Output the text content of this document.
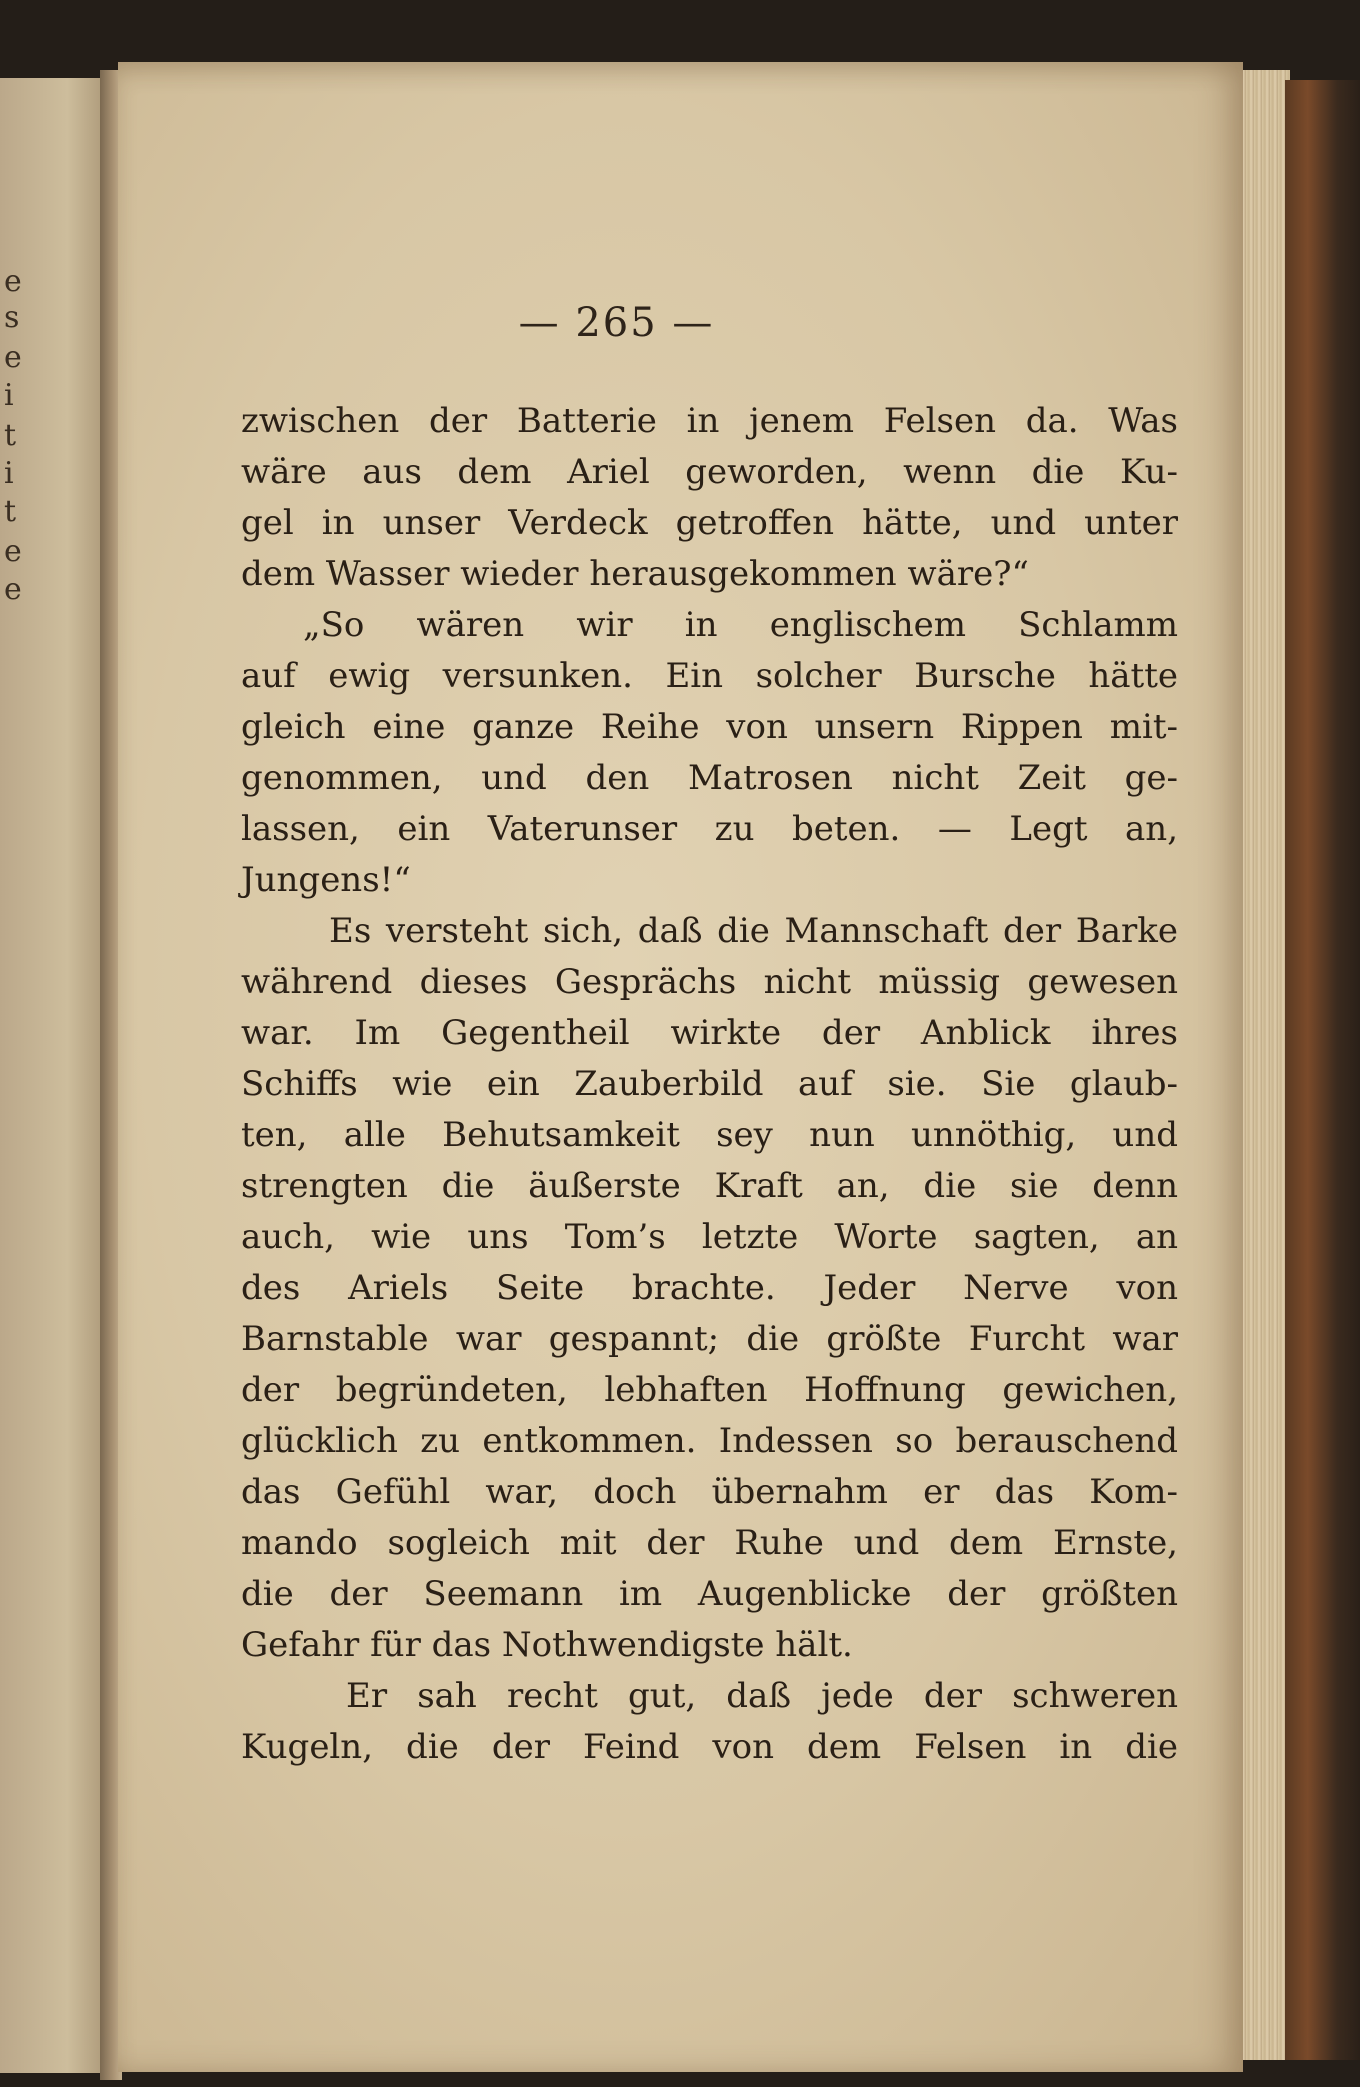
e
s
e
i
t
i
t
e
e
— 265 —
zwischen der Batterie in jenem Felsen da. Was
wäre aus dem Ariel geworden, wenn die Ku-
gel in unser Verdeck getroffen hätte, und unter
dem Wasser wieder herausgekommen wäre?“
„So wären wir in englischem Schlamm
auf ewig versunken. Ein solcher Bursche hätte
gleich eine ganze Reihe von unsern Rippen mit-
genommen, und den Matrosen nicht Zeit ge-
lassen, ein Vaterunser zu beten. — Legt an,
Jungens!“
Es versteht sich, daß die Mannschaft der Barke
während dieses Gesprächs nicht müssig gewesen
war. Im Gegentheil wirkte der Anblick ihres
Schiffs wie ein Zauberbild auf sie. Sie glaub-
ten, alle Behutsamkeit sey nun unnöthig, und
strengten die äußerste Kraft an, die sie denn
auch, wie uns Tom’s letzte Worte sagten, an
des Ariels Seite brachte. Jeder Nerve von
Barnstable war gespannt; die größte Furcht war
der begründeten, lebhaften Hoffnung gewichen,
glücklich zu entkommen. Indessen so berauschend
das Gefühl war, doch übernahm er das Kom-
mando sogleich mit der Ruhe und dem Ernste,
die der Seemann im Augenblicke der größten
Gefahr für das Nothwendigste hält.
Er sah recht gut, daß jede der schweren
Kugeln, die der Feind von dem Felsen in die
